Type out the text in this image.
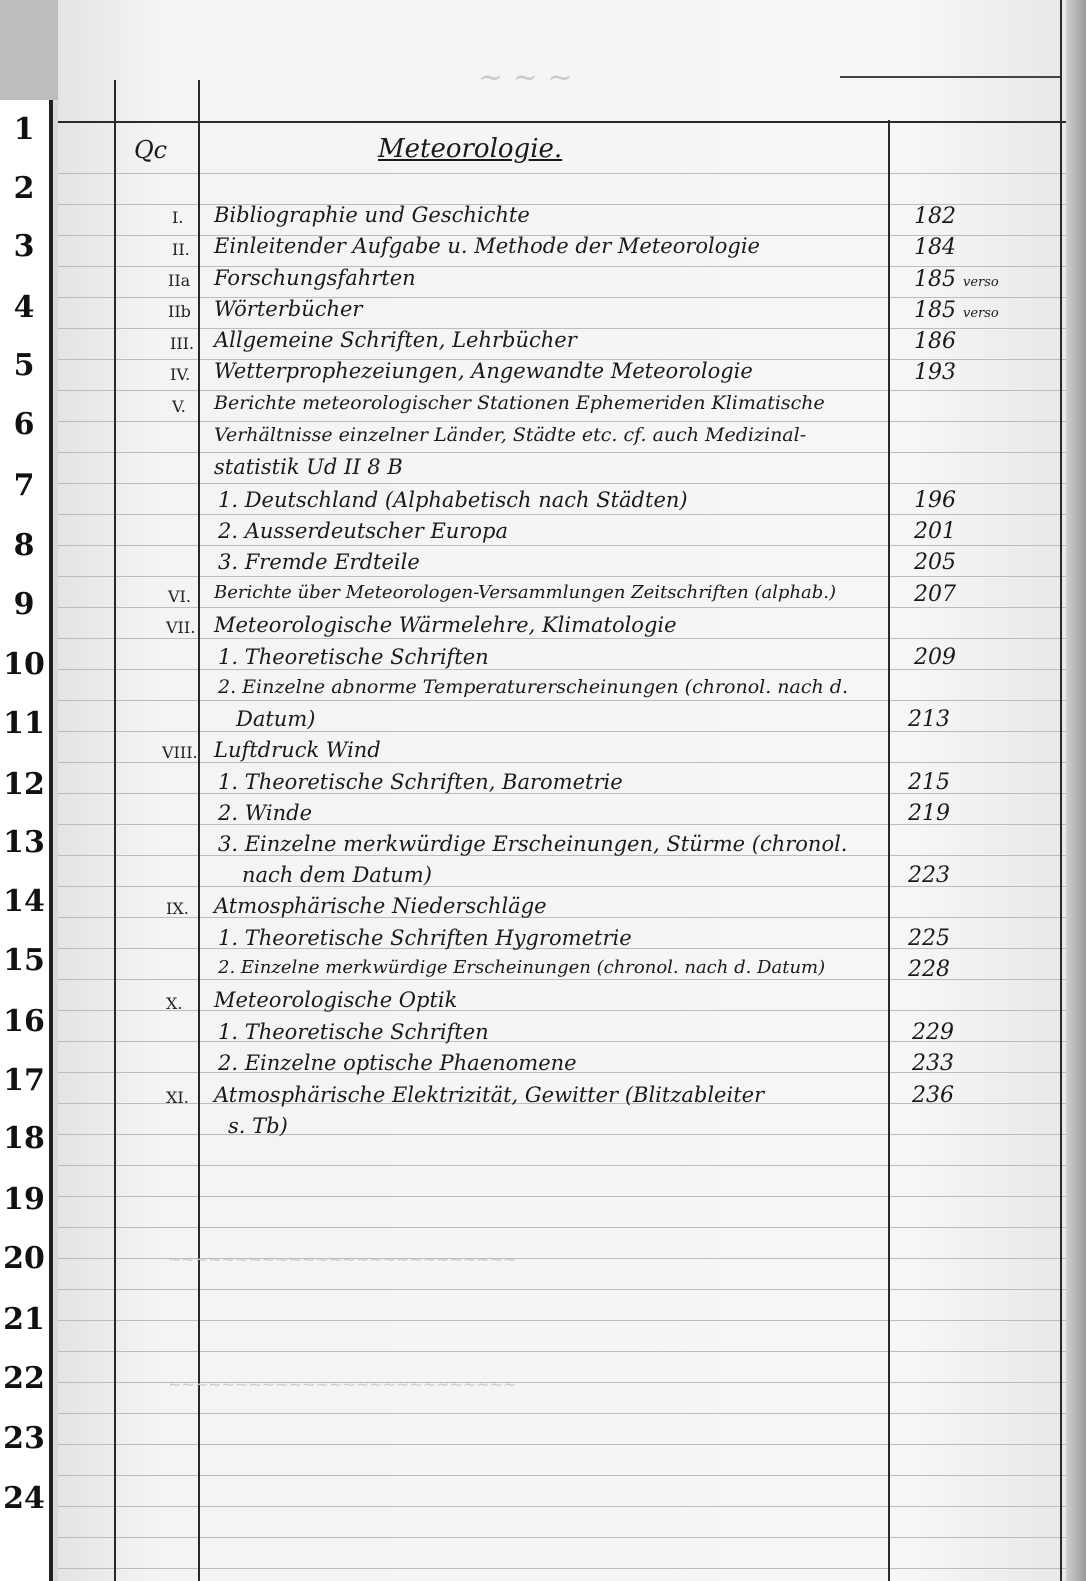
1
2
3
4
5
6
7
8
9
10
11
12
13
14
15
16
17
18
19
20
21
22
23
24
~ ~ ~
~~~~~~~~~~~~~~~~~~~~~~~~~~
~~~~~~~~~~~~~~~~~~~~~~~~~~
Qc	Meteorologie.
I. Bibliographie und Geschichte	182
II. Einleitender Aufgabe u. Methode der Meteorologie	184
IIa Forschungsfahrten	185 verso
IIb Wörterbücher	185 verso
III. Allgemeine Schriften, Lehrbücher	186
IV. Wetterprophezeiungen, Angewandte Meteorologie	193
V. Berichte meteorologischer Stationen Ephemeriden Klimatische
Verhältnisse einzelner Länder, Städte etc. cf. auch Medizinal-
statistik Ud II 8 B
1. Deutschland (Alphabetisch nach Städten)	196
2. Ausserdeutscher Europa	201
3. Fremde Erdteile	205
VI. Berichte über Meteorologen-Versammlungen Zeitschriften (alphab.)	207
VII. Meteorologische Wärmelehre, Klimatologie
1. Theoretische Schriften	209
2. Einzelne abnorme Temperaturerscheinungen (chronol. nach d.
Datum)	213
VIII. Luftdruck Wind
1. Theoretische Schriften, Barometrie	215
2. Winde	219
3. Einzelne merkwürdige Erscheinungen, Stürme (chronol.
nach dem Datum)	223
IX. Atmosphärische Niederschläge
1. Theoretische Schriften Hygrometrie	225
2. Einzelne merkwürdige Erscheinungen (chronol. nach d. Datum)	228
X. Meteorologische Optik
1. Theoretische Schriften	229
2. Einzelne optische Phaenomene	233
XI. Atmosphärische Elektrizität, Gewitter (Blitzableiter	236
s. Tb)
